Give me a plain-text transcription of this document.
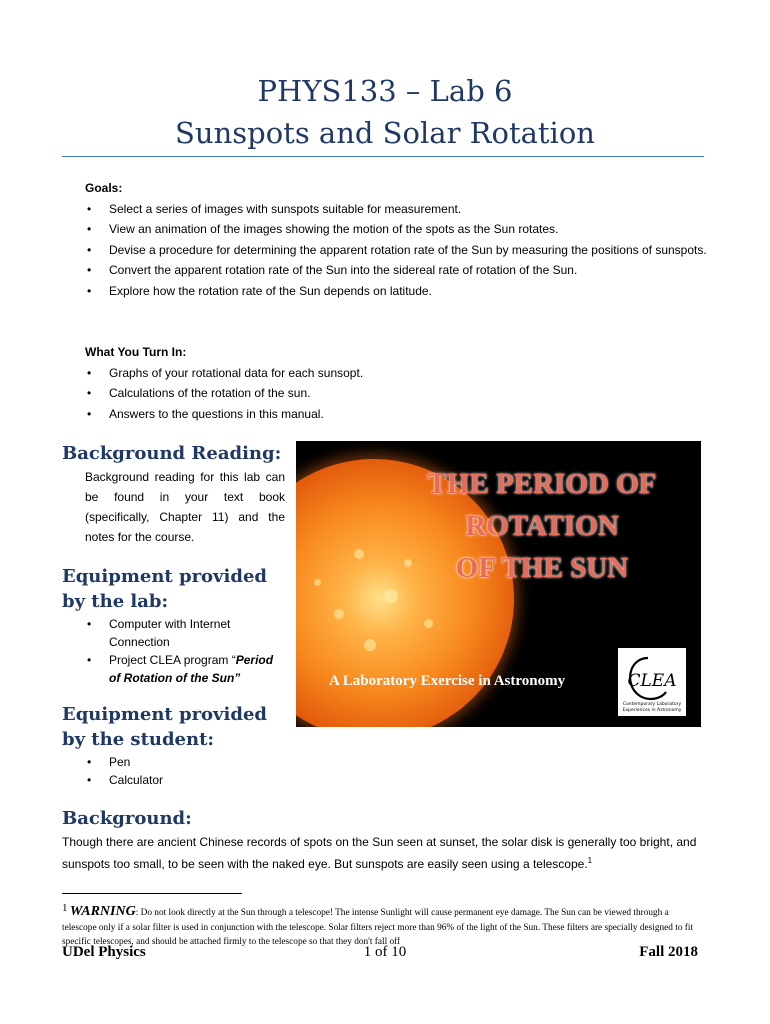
PHYS133 – Lab 6
Sunspots and Solar Rotation
Goals:
• Select a series of images with sunspots suitable for measurement.
• View an animation of the images showing the motion of the spots as the Sun rotates.
• Devise a procedure for determining the apparent rotation rate of the Sun by measuring the positions of sunspots.
• Convert the apparent rotation rate of the Sun into the sidereal rate of rotation of the Sun.
• Explore how the rotation rate of the Sun depends on latitude.
What You Turn In:
• Graphs of your rotational data for each sunsopt.
• Calculations of the rotation of the sun.
• Answers to the questions in this manual.
Background Reading:
Background reading for this lab can be found in your text book (specifically, Chapter 11) and the notes for the course.
Equipment provided by the lab:
• Computer with Internet Connection
• Project CLEA program “Period of Rotation of the Sun”
Equipment provided by the student:
• Pen
• Calculator
THE PERIOD OF
ROTATION
OF THE SUN
A Laboratory Exercise in Astronomy	CLEA
Contemporary Laboratory
Experiences in Astronomy
Background:
Though there are ancient Chinese records of spots on the Sun seen at sunset, the solar disk is generally too bright, and sunspots too small, to be seen with the naked eye. But sunspots are easily seen using a telescope.$^1$
$^1$ WARNING: Do not look directly at the Sun through a telescope! The intense Sunlight will cause permanent eye damage. The Sun can be viewed through a telescope only if a solar filter is used in conjunction with the telescope. Solar filters reject more than 96% of the light of the Sun. These filters are specially designed to fit specific telescopes, and should be attached firmly to the telescope so that they don't fall off
UDel Physics	1 of 10	Fall 2018
